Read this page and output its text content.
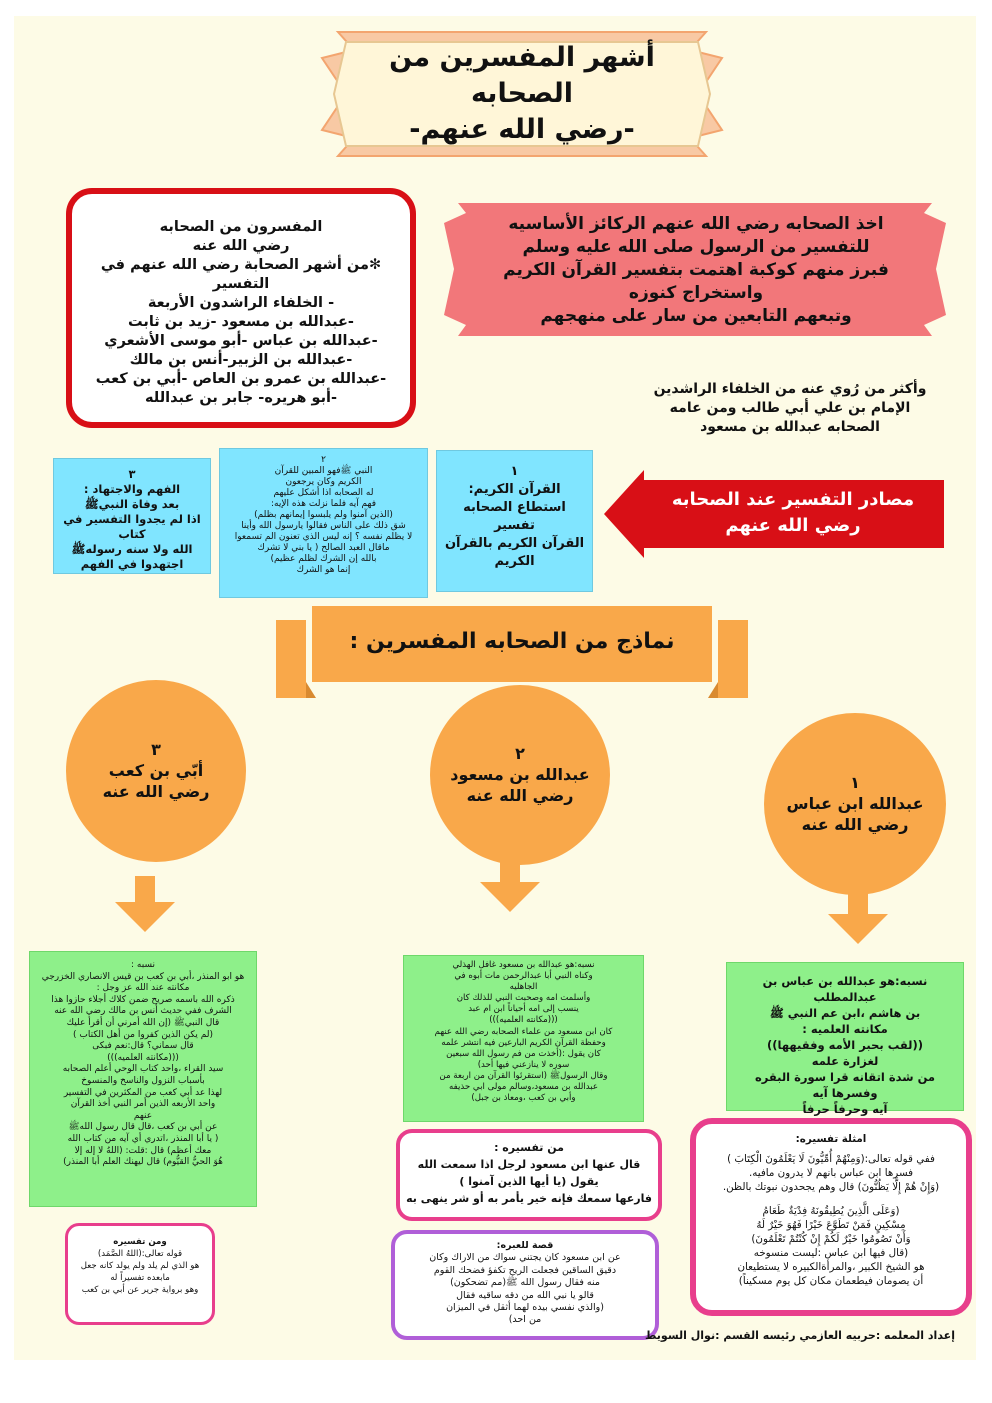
أشهر المفسرين من الصحابه
-رضي الله عنهم-
المفسرون من الصحابه
رضي الله عنه
✻من أشهر الصحابة رضي الله عنهم في التفسير
- الخلفاء الراشدون الأربعة
-عبدالله بن مسعود -زيد بن ثابت
-عبدالله بن عباس -أبو موسى الأشعري
-عبدالله بن الزبير-أنس بن مالك
-عبدالله بن عمرو بن العاص -أبي بن كعب
-أبو هريره- جابر بن عبدالله
اخذ الصحابه رضي الله عنهم الركائز الأساسيه
للتفسير من الرسول صلى الله عليه وسلم
فبرز منهم كوكبة اهتمت بتفسير القرآن الكريم واستخراج كنوزه
وتبعهم التابعين من سار على منهجهم
وأكثر من رُوي عنه من الخلفاء الراشدين
الإمام بن علي أبي طالب ومن عامه
الصحابه عبدالله بن مسعود
٣
الفهم والاجتهاد :
بعد وفاة النبيﷺ
اذا لم يجدوا التفسير في كتاب
الله ولا سنه رسولهﷺ
اجتهدوا في الفهم
٢
النبي ﷺفهو المبين للقرآن
الكريم وكان يرجعون
له الصحابه اذا أشكل عليهم
فهم آيه فلما نزلت هذه الإيه:
(الذين آمنوا ولم يلبسوا إيمانهم بظلم)
شق ذلك على الناس فقالوا يارسول الله وأينا
لا يظلم نفسه ؟ إنه ليس الذي تعنون الم تسمعوا
ماقال العبد الصالح ( يا بني لا تشرك
بالله إن الشرك لظلم عظيم)
إنما هو الشرك
١
القرآن الكريم:
استطاع الصحابه
تفسير
القرآن الكريم بالقرآن
الكريم
مصادر التفسير عند الصحابه
رضي الله عنهم
نماذج من الصحابه المفسرين :
١
عبدالله ابن عباس
رضي الله عنه
٢
عبدالله بن مسعود
رضي الله عنه
٣
أبّي بن كعب
رضي الله عنه
نسبه:هو عبدالله بن عباس بن عبدالمطلب
بن هاشم ،ابن عم النبي ﷺ
مكانته العلميه :
((لقب بحبر الأمه وفقيهها))
لغزارة علمه
من شدة اتقانه قرا سورة البقره وفسرها آيه
آيه وحرفاً حرفاً
نسبه:هو عبدالله بن مسعود غافل الهذلي
وكناه النبي أبا عبدالرحمن مات أبوه في
الجاهليه
وأسلمت امه وصحبت النبي للذلك كان
ينسب إلى امه أحياناً ابن ام عبد
(((مكانته العلميه)))
كان ابن مسعود من علماء الصحابه رضي الله عنهم
وحفظة القرآن الكريم البارعين فيه انتشر علمه
كان يقول :(أخذت من فم رسول الله سبعين
سوره لا ينازعني فيها أحد)
وقال الرسولﷺ (استقرئوا القرآن من اربعة من
عبدالله بن مسعود،وسالم مولى ابي حذيفه
وأبي بن كعب ،ومعاذ بن جبل)
نسبه :
هو ابو المنذر ،أبي بن كعب بن قيس الانصاري الخزرجي
مكانته عند الله عز وجل :
ذكره الله باسمه صريح ضمن كلاك أجلاء حازوا هذا
الشرف ففي حديث أنس بن مالك رضي الله عنه
قال النبيﷺ (إن الله أمرني أن أقرأ عليك
(لم يكن الذين كفروا من أهل الكتاب )
قال سماني؟ قال:نعم فبكى
(((مكانته العلميه)))
سيد القراء ،واحد كتاب الوحي أعلم الصحابه
بأسباب النزول والناسخ والمنسوخ
لهذا عد أبي كعب من المكثرين في التفسير
واحد الأربعه الذين أمر النبي أخذ القرآن
عنهم
عن أبي بن كعب ،قال قال رسول اللهﷺ
( يا أبا المنذر ،اتدري أي آيه من كتاب الله
معك أعظم) قال :قلت: (اللهُ لا إله إلا
هُوَ الحيُّ القيُّوم) قال ليهنك العلم أبا المنذر)
امثلة تفسيره:
ففي قوله تعالى:(وَمِنْهُمْ أُمِّيُّونَ لَا يَعْلَمُونَ الْكِتَابَ )
فسرها ابن عباس بانهم لا يدرون مافيه.
(وَإِنْ هُمْ إِلَّا يَظُنُّونَ) قال وهم يجحدون نبوتك بالظن.
(وَعَلَى الَّذِينَ يُطِيقُونَهُ فِدْيَةٌ طَعَامُ
مِسْكِينٍ فَمَنْ تَطَوَّعَ خَيْرًا فَهُوَ خَيْرٌ لَهُ
وَأَنْ تَصُومُوا خَيْرٌ لَكُمْ إِنْ كُنْتُمْ تَعْلَمُونَ)
(قال فيها ابن عباس :ليست منسوخه
هو الشيخ الكبير ،والمرأةالكبيره لا يستطيعان
أن يصومان فيطعمان مكان كل يوم مسكيناً)
من تفسيره :
قال عنها ابن مسعود لرجل اذا سمعت الله
يقول (يا أيها الذين آمنوا )
فارعها سمعك فإنه خير يأمر به أو شر ينهى به
قصة للعبره:
عن ابن مسعود كان يجتني سواك من الاراك وكان
دقيق الساقين فجعلت الريح تكفؤ فضحك القوم
منه فقال رسول الله ﷺ(مم تضحكون)
قالو يا نبي الله من دقه ساقيه فقال
(والذي نفسي بيده لهما أثقل في الميزان
من احد)
ومن تفسيره
قوله تعالى:(اللهُ الصَّمَد)
هو الذي لم يلد ولم يولد كانه جعل
مابعده تفسيراً له
وهو برواية جرير عن أبي بن كعب
إعداد المعلمه :حربيه العازمي رئيسه القسم :نوال السويط
